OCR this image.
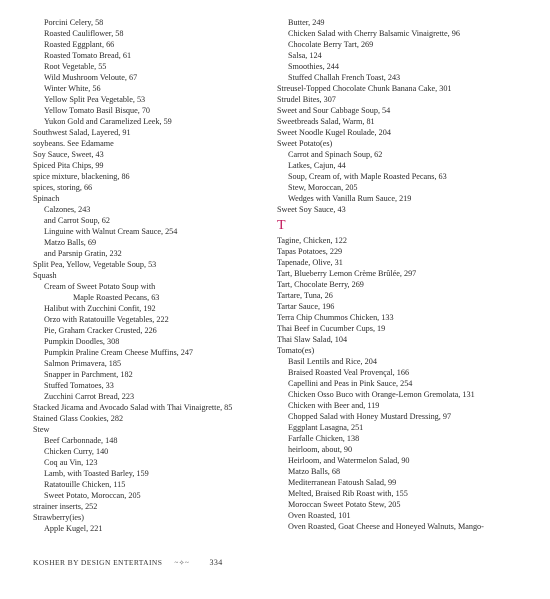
Porcini Celery, 58
Roasted Cauliflower, 58
Roasted Eggplant, 66
Roasted Tomato Bread, 61
Root Vegetable, 55
Wild Mushroom Veloute, 67
Winter White, 56
Yellow Split Pea Vegetable, 53
Yellow Tomato Basil Bisque, 70
Yukon Gold and Caramelized Leek, 59
Southwest Salad, Layered, 91
soybeans. See Edamame
Soy Sauce, Sweet, 43
Spiced Pita Chips, 99
spice mixture, blackening, 86
spices, storing, 66
Spinach
Calzones, 243
and Carrot Soup, 62
Linguine with Walnut Cream Sauce, 254
Matzo Balls, 69
and Parsnip Gratin, 232
Split Pea, Yellow, Vegetable Soup, 53
Squash
Cream of Sweet Potato Soup with
Maple Roasted Pecans, 63
Halibut with Zucchini Confit, 192
Orzo with Ratatouille Vegetables, 222
Pie, Graham Cracker Crusted, 226
Pumpkin Doodles, 308
Pumpkin Praline Cream Cheese Muffins, 247
Salmon Primavera, 185
Snapper in Parchment, 182
Stuffed Tomatoes, 33
Zucchini Carrot Bread, 223
Stacked Jicama and Avocado Salad with Thai Vinaigrette, 85
Stained Glass Cookies, 282
Stew
Beef Carbonnade, 148
Chicken Curry, 140
Coq au Vin, 123
Lamb, with Toasted Barley, 159
Ratatouille Chicken, 115
Sweet Potato, Moroccan, 205
strainer inserts, 252
Strawberry(ies)
Apple Kugel, 221
Butter, 249
Chicken Salad with Cherry Balsamic Vinaigrette, 96
Chocolate Berry Tart, 269
Salsa, 124
Smoothies, 244
Stuffed Challah French Toast, 243
Streusel-Topped Chocolate Chunk Banana Cake, 301
Strudel Bites, 307
Sweet and Sour Cabbage Soup, 54
Sweetbreads Salad, Warm, 81
Sweet Noodle Kugel Roulade, 204
Sweet Potato(es)
Carrot and Spinach Soup, 62
Latkes, Cajun, 44
Soup, Cream of, with Maple Roasted Pecans, 63
Stew, Moroccan, 205
Wedges with Vanilla Rum Sauce, 219
Sweet Soy Sauce, 43
T
Tagine, Chicken, 122
Tapas Potatoes, 229
Tapenade, Olive, 31
Tart, Blueberry Lemon Crème Brûlée, 297
Tart, Chocolate Berry, 269
Tartare, Tuna, 26
Tartar Sauce, 196
Terra Chip Chummos Chicken, 133
Thai Beef in Cucumber Cups, 19
Thai Slaw Salad, 104
Tomato(es)
Basil Lentils and Rice, 204
Braised Roasted Veal Provençal, 166
Capellini and Peas in Pink Sauce, 254
Chicken Osso Buco with Orange-Lemon Gremolata, 131
Chicken with Beer and, 119
Chopped Salad with Honey Mustard Dressing, 97
Eggplant Lasagna, 251
Farfalle Chicken, 138
heirloom, about, 90
Heirloom, and Watermelon Salad, 90
Matzo Balls, 68
Mediterranean Fatoush Salad, 99
Melted, Braised Rib Roast with, 155
Moroccan Sweet Potato Stew, 205
Oven Roasted, 101
Oven Roasted, Goat Cheese and Honeyed Walnuts, Mango-
KOSHER BY DESIGN ENTERTAINS ~✧~	334
